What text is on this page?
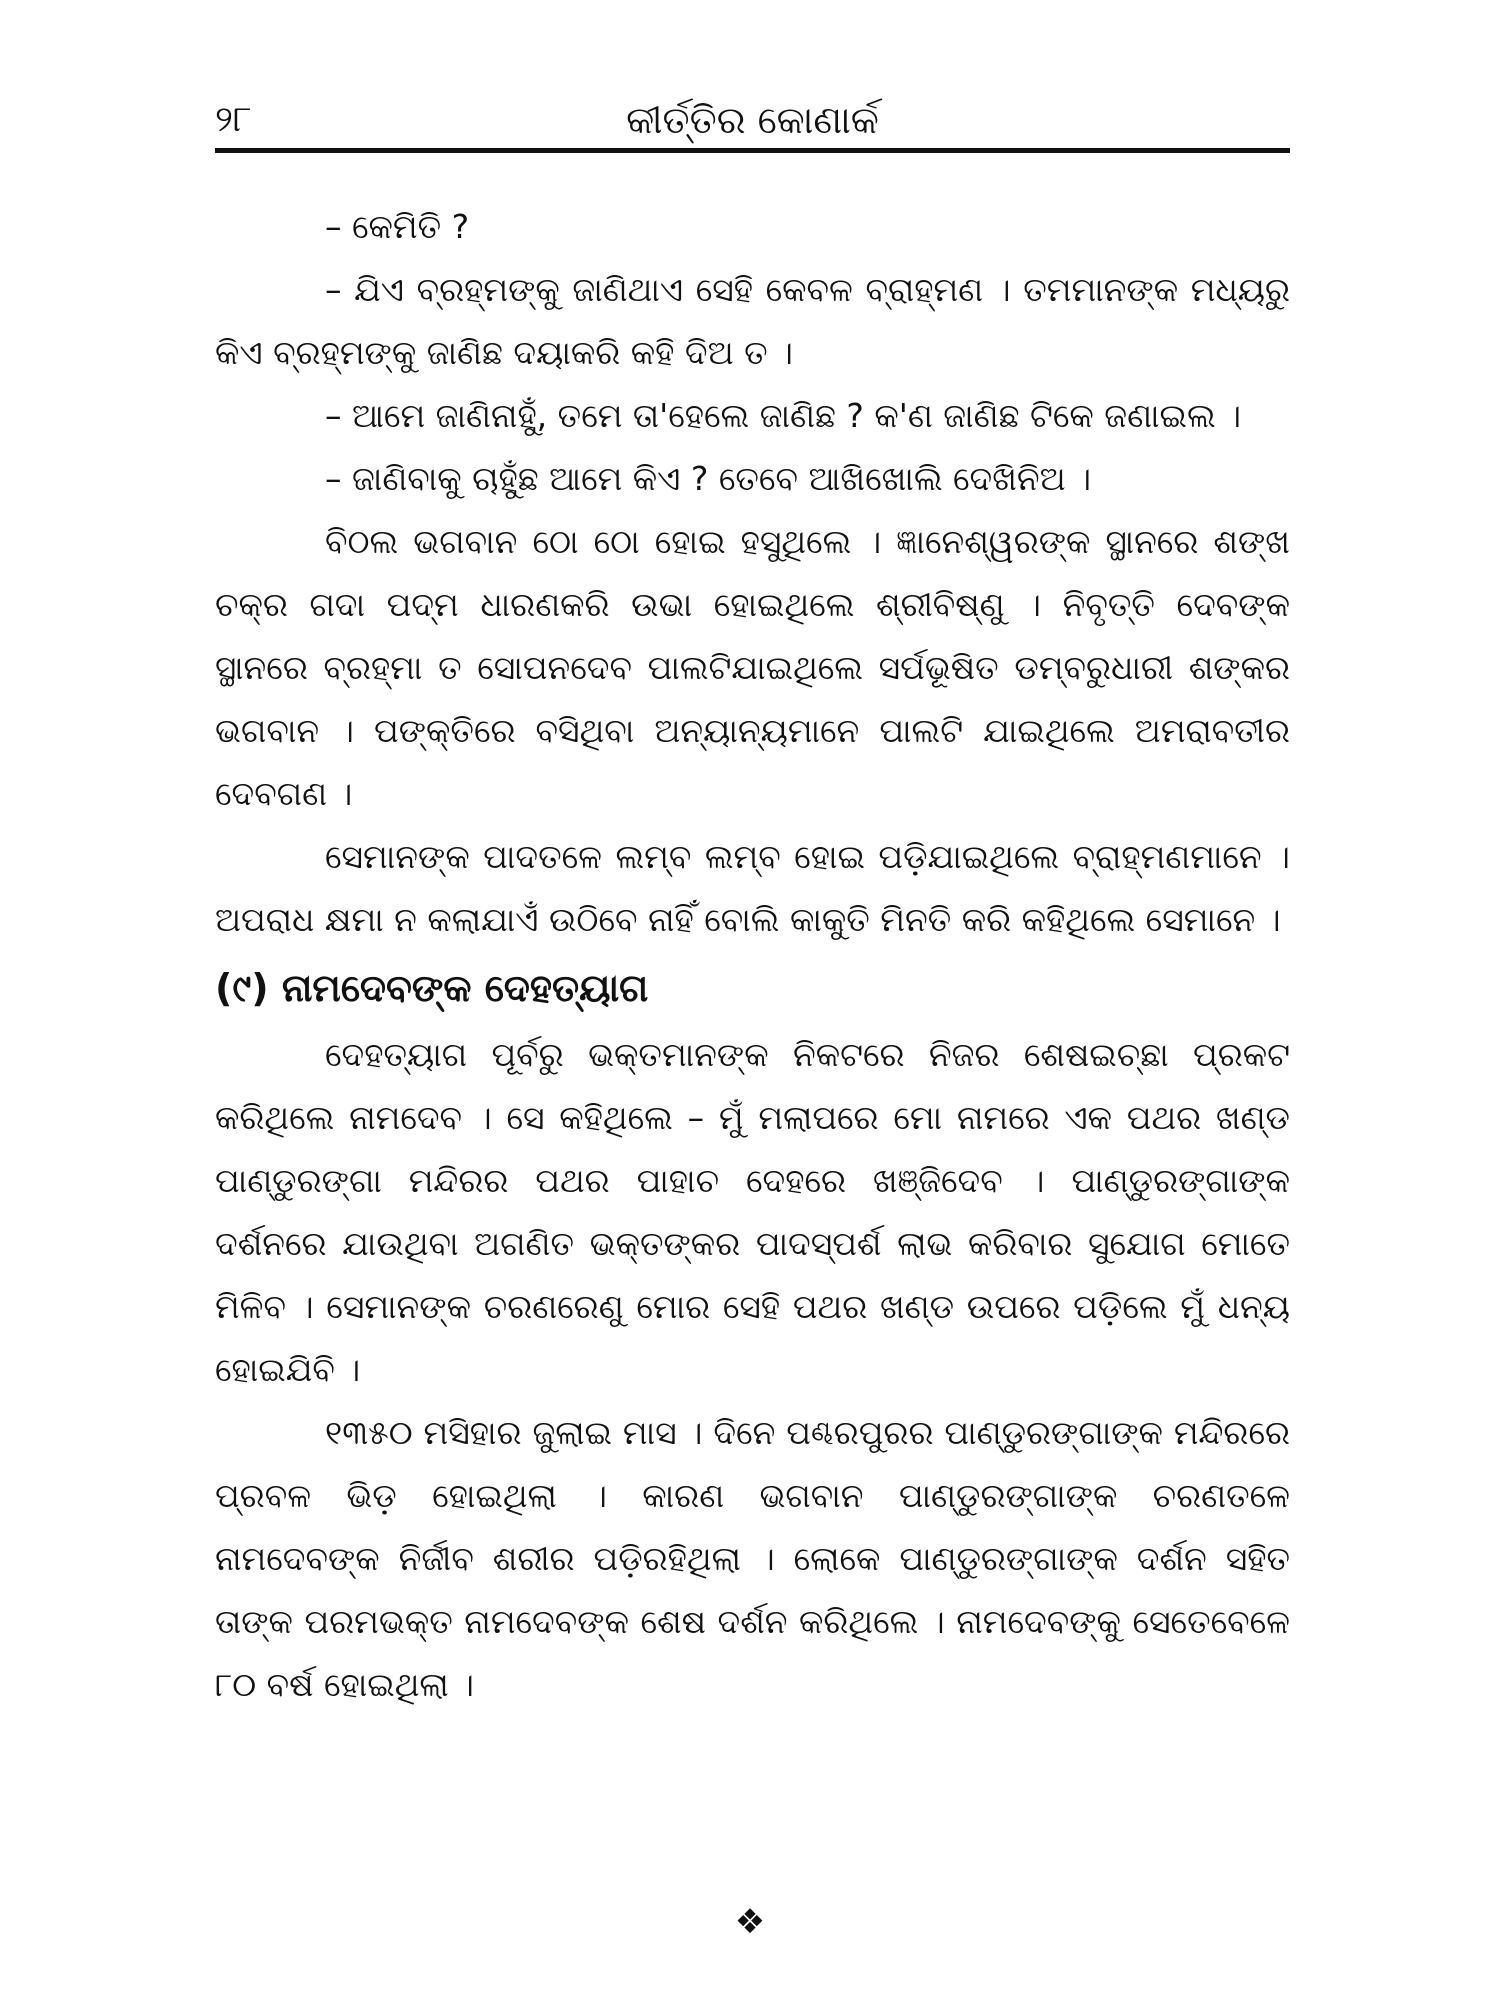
୨୮	କୀର୍ତ୍ତିର କୋଣାର୍କ

– କେମିତି ?

– ଯିଏ ବ୍ରହ୍ମଙ୍କୁ ଜାଣିଥାଏ ସେହି କେବଳ ବ୍ରାହ୍ମଣ । ତମମାନଙ୍କ ମଧ୍ୟରୁ କିଏ ବ୍ରହ୍ମଙ୍କୁ ଜାଣିଛ ଦୟାକରି କହି ଦିଅ ତ ।

– ଆମେ ଜାଣିନାହୁଁ, ତମେ ତା'ହେଲେ ଜାଣିଛ ? କ'ଣ ଜାଣିଛ ଟିକେ ଜଣାଇଲ ।

– ଜାଣିବାକୁ ଚାହୁଁଛ ଆମେ କିଏ ? ତେବେ ଆଖିଖୋଲି ଦେଖିନିଅ ।

ବିଠଲ ଭଗବାନ ଠୋ ଠୋ ହୋଇ ହସୁଥିଲେ । ଜ୍ଞାନେଶ୍ୱରଙ୍କ ସ୍ଥାନରେ ଶଙ୍ଖ ଚକ୍ର ଗଦା ପଦ୍ମ ଧାରଣକରି ଉଭା ହୋଇଥିଲେ ଶ୍ରୀବିଷ୍ଣୁ । ନିବୃତ୍ତି ଦେବଙ୍କ ସ୍ଥାନରେ ବ୍ରହ୍ମା ତ ସୋପନଦେବ ପାଲଟିଯାଇଥିଲେ ସର୍ପଭୂଷିତ ଡମ୍ବରୁଧାରୀ ଶଙ୍କର ଭଗବାନ । ପଙ୍‌କ୍ତିରେ ବସିଥିବା ଅନ୍ୟାନ୍ୟମାନେ ପାଲଟି ଯାଇଥିଲେ ଅମରାବତୀର ଦେବଗଣ ।

ସେମାନଙ୍କ ପାଦତଳେ ଲମ୍ବ ଲମ୍ବ ହୋଇ ପଡ଼ିଯାଇଥିଲେ ବ୍ରାହ୍ମଣମାନେ । ଅପରାଧ କ୍ଷମା ନ କଲାଯାଏଁ ଉଠିବେ ନାହିଁ ବୋଲି କାକୁତି ମିନତି କରି କହିଥିଲେ ସେମାନେ ।

(୯) ନାମଦେବଙ୍କ ଦେହତ୍ୟାଗ

ଦେହତ୍ୟାଗ ପୂର୍ବରୁ ଭକ୍ତମାନଙ୍କ ନିକଟରେ ନିଜର ଶେଷଇଚ୍ଛା ପ୍ରକଟ କରିଥିଲେ ନାମଦେବ । ସେ କହିଥିଲେ – ମୁଁ ମଲାପରେ ମୋ ନାମରେ ଏକ ପଥର ଖଣ୍ଡ ପାଣ୍ଡୁରଙ୍ଗା ମନ୍ଦିରର ପଥର ପାହାଚ ଦେହରେ ଖଞ୍ଜିଦେବ । ପାଣ୍ଡୁରଙ୍ଗାଙ୍କ ଦର୍ଶନରେ ଯାଉଥିବା ଅଗଣିତ ଭକ୍ତଙ୍କର ପାଦସ୍ପର୍ଶ ଲାଭ କରିବାର ସୁଯୋଗ ମୋତେ ମିଳିବ । ସେମାନଙ୍କ ଚରଣରେଣୁ ମୋର ସେହି ପଥର ଖଣ୍ଡ ଉପରେ ପଡ଼ିଲେ ମୁଁ ଧନ୍ୟ ହୋଇଯିବି ।

୧୩୫୦ ମସିହାର ଜୁଲାଇ ମାସ । ଦିନେ ପଣ୍ଢରପୁରର ପାଣ୍ଡୁରଙ୍ଗାଙ୍କ ମନ୍ଦିରରେ ପ୍ରବଳ ଭିଡ଼ ହୋଇଥିଲା । କାରଣ ଭଗବାନ ପାଣ୍ଡୁରଙ୍ଗାଙ୍କ ଚରଣତଳେ ନାମଦେବଙ୍କ ନିର୍ଜୀବ ଶରୀର ପଡ଼ିରହିଥିଲା । ଲୋକେ ପାଣ୍ଡୁରଙ୍ଗାଙ୍କ ଦର୍ଶନ ସହିତ ତାଙ୍କ ପରମଭକ୍ତ ନାମଦେବଙ୍କ ଶେଷ ଦର୍ଶନ କରିଥିଲେ । ନାମଦେବଙ୍କୁ ସେତେବେଳେ ୮୦ ବର୍ଷ ହୋଇଥିଲା ।

❖
